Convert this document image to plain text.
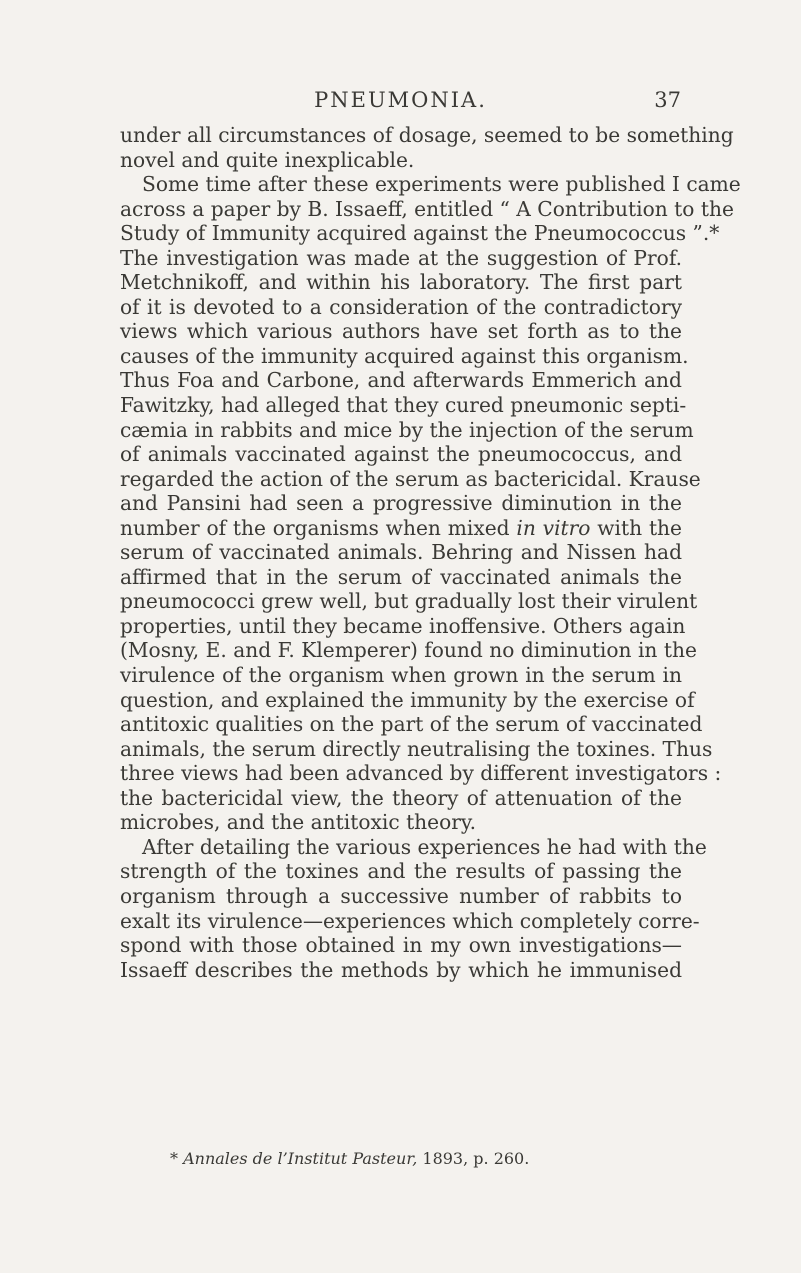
PNEUMONIA.	37
under all circumstances of dosage, seemed to be something
novel and quite inexplicable.
Some time after these experiments were published I came
across a paper by B. Issaeff, entitled “ A Contribution to the
Study of Immunity acquired against the Pneumococcus ”.*
The investigation was made at the suggestion of Prof.
Metchnikoff, and within his laboratory. The first part
of it is devoted to a consideration of the contradictory
views which various authors have set forth as to the
causes of the immunity acquired against this organism.
Thus Foa and Carbone, and afterwards Emmerich and
Fawitzky, had alleged that they cured pneumonic septi-
cæmia in rabbits and mice by the injection of the serum
of animals vaccinated against the pneumococcus, and
regarded the action of the serum as bactericidal. Krause
and Pansini had seen a progressive diminution in the
number of the organisms when mixed in vitro with the
serum of vaccinated animals. Behring and Nissen had
affirmed that in the serum of vaccinated animals the
pneumococci grew well, but gradually lost their virulent
properties, until they became inoffensive. Others again
(Mosny, E. and F. Klemperer) found no diminution in the
virulence of the organism when grown in the serum in
question, and explained the immunity by the exercise of
antitoxic qualities on the part of the serum of vaccinated
animals, the serum directly neutralising the toxines. Thus
three views had been advanced by different investigators :
the bactericidal view, the theory of attenuation of the
microbes, and the antitoxic theory.
After detailing the various experiences he had with the
strength of the toxines and the results of passing the
organism through a successive number of rabbits to
exalt its virulence—experiences which completely corre-
spond with those obtained in my own investigations—
Issaeff describes the methods by which he immunised
* Annales de l’Institut Pasteur, 1893, p. 260.
